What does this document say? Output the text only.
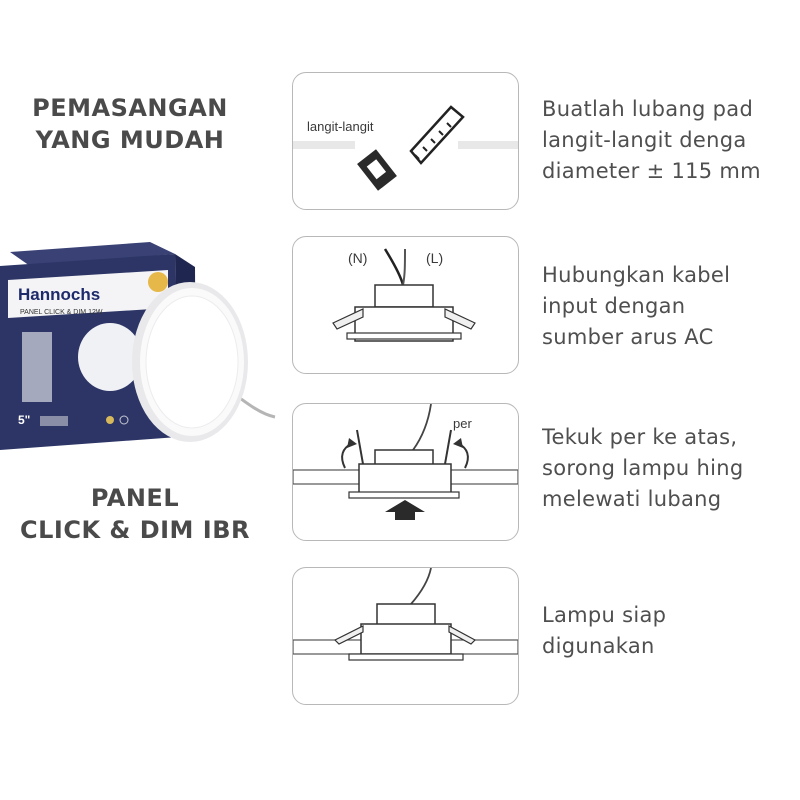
PEMASANGAN
YANG MUDAH
Hannochs
PANEL CLICK & DIM 12W
5"
PANEL
CLICK & DIM IBR
langit-langit
(N)	(L)
per
Buatlah lubang pad
langit-langit denga
diameter ± 115 mm
Hubungkan kabel
input dengan
sumber arus AC
Tekuk per ke atas,
sorong lampu hing
melewati lubang
Lampu siap
digunakan
